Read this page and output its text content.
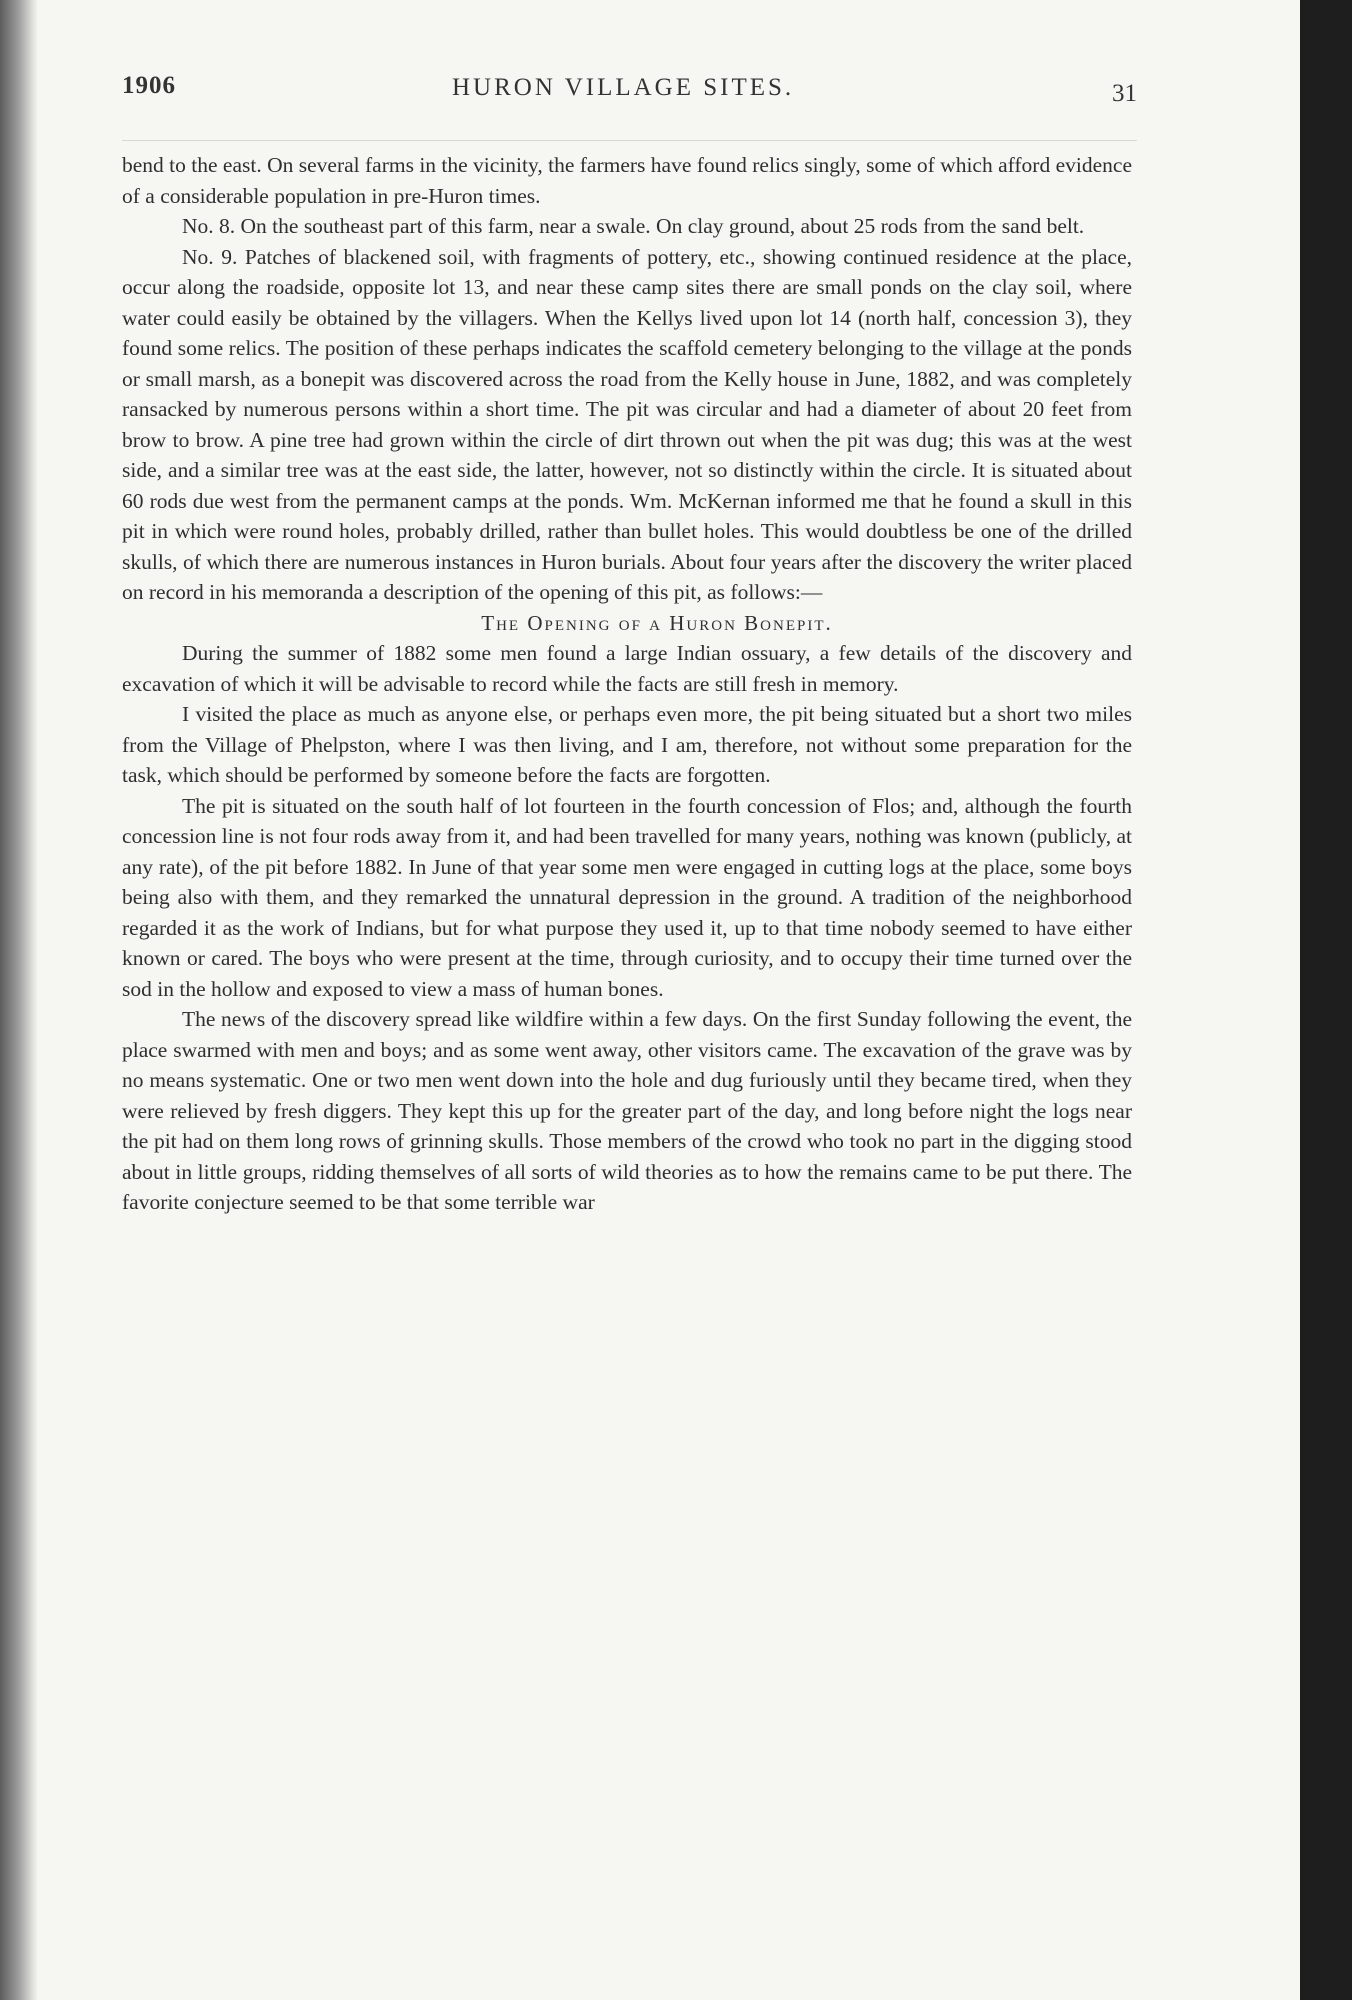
1906	HURON VILLAGE SITES.	31

bend to the east. On several farms in the vicinity, the farmers have found relics singly, some of which afford evidence of a considerable population in pre-Huron times.

No. 8. On the southeast part of this farm, near a swale. On clay ground, about 25 rods from the sand belt.

No. 9. Patches of blackened soil, with fragments of pottery, etc., showing continued residence at the place, occur along the roadside, opposite lot 13, and near these camp sites there are small ponds on the clay soil, where water could easily be obtained by the villagers. When the Kellys lived upon lot 14 (north half, concession 3), they found some relics. The position of these perhaps indicates the scaffold cemetery belonging to the village at the ponds or small marsh, as a bonepit was discovered across the road from the Kelly house in June, 1882, and was completely ransacked by numerous persons within a short time. The pit was circular and had a diameter of about 20 feet from brow to brow. A pine tree had grown within the circle of dirt thrown out when the pit was dug; this was at the west side, and a similar tree was at the east side, the latter, however, not so distinctly within the circle. It is situated about 60 rods due west from the permanent camps at the ponds. Wm. McKernan informed me that he found a skull in this pit in which were round holes, probably drilled, rather than bullet holes. This would doubtless be one of the drilled skulls, of which there are numerous instances in Huron burials. About four years after the discovery the writer placed on record in his memoranda a description of the opening of this pit, as follows:—

The Opening of a Huron Bonepit.

During the summer of 1882 some men found a large Indian ossuary, a few details of the discovery and excavation of which it will be advisable to record while the facts are still fresh in memory.

I visited the place as much as anyone else, or perhaps even more, the pit being situated but a short two miles from the Village of Phelpston, where I was then living, and I am, therefore, not without some preparation for the task, which should be performed by someone before the facts are forgotten.

The pit is situated on the south half of lot fourteen in the fourth concession of Flos; and, although the fourth concession line is not four rods away from it, and had been travelled for many years, nothing was known (publicly, at any rate), of the pit before 1882. In June of that year some men were engaged in cutting logs at the place, some boys being also with them, and they remarked the unnatural depression in the ground. A tradition of the neighborhood regarded it as the work of Indians, but for what purpose they used it, up to that time nobody seemed to have either known or cared. The boys who were present at the time, through curiosity, and to occupy their time turned over the sod in the hollow and exposed to view a mass of human bones.

The news of the discovery spread like wildfire within a few days. On the first Sunday following the event, the place swarmed with men and boys; and as some went away, other visitors came. The excavation of the grave was by no means systematic. One or two men went down into the hole and dug furiously until they became tired, when they were relieved by fresh diggers. They kept this up for the greater part of the day, and long before night the logs near the pit had on them long rows of grinning skulls. Those members of the crowd who took no part in the digging stood about in little groups, ridding themselves of all sorts of wild theories as to how the remains came to be put there. The favorite conjecture seemed to be that some terrible war
